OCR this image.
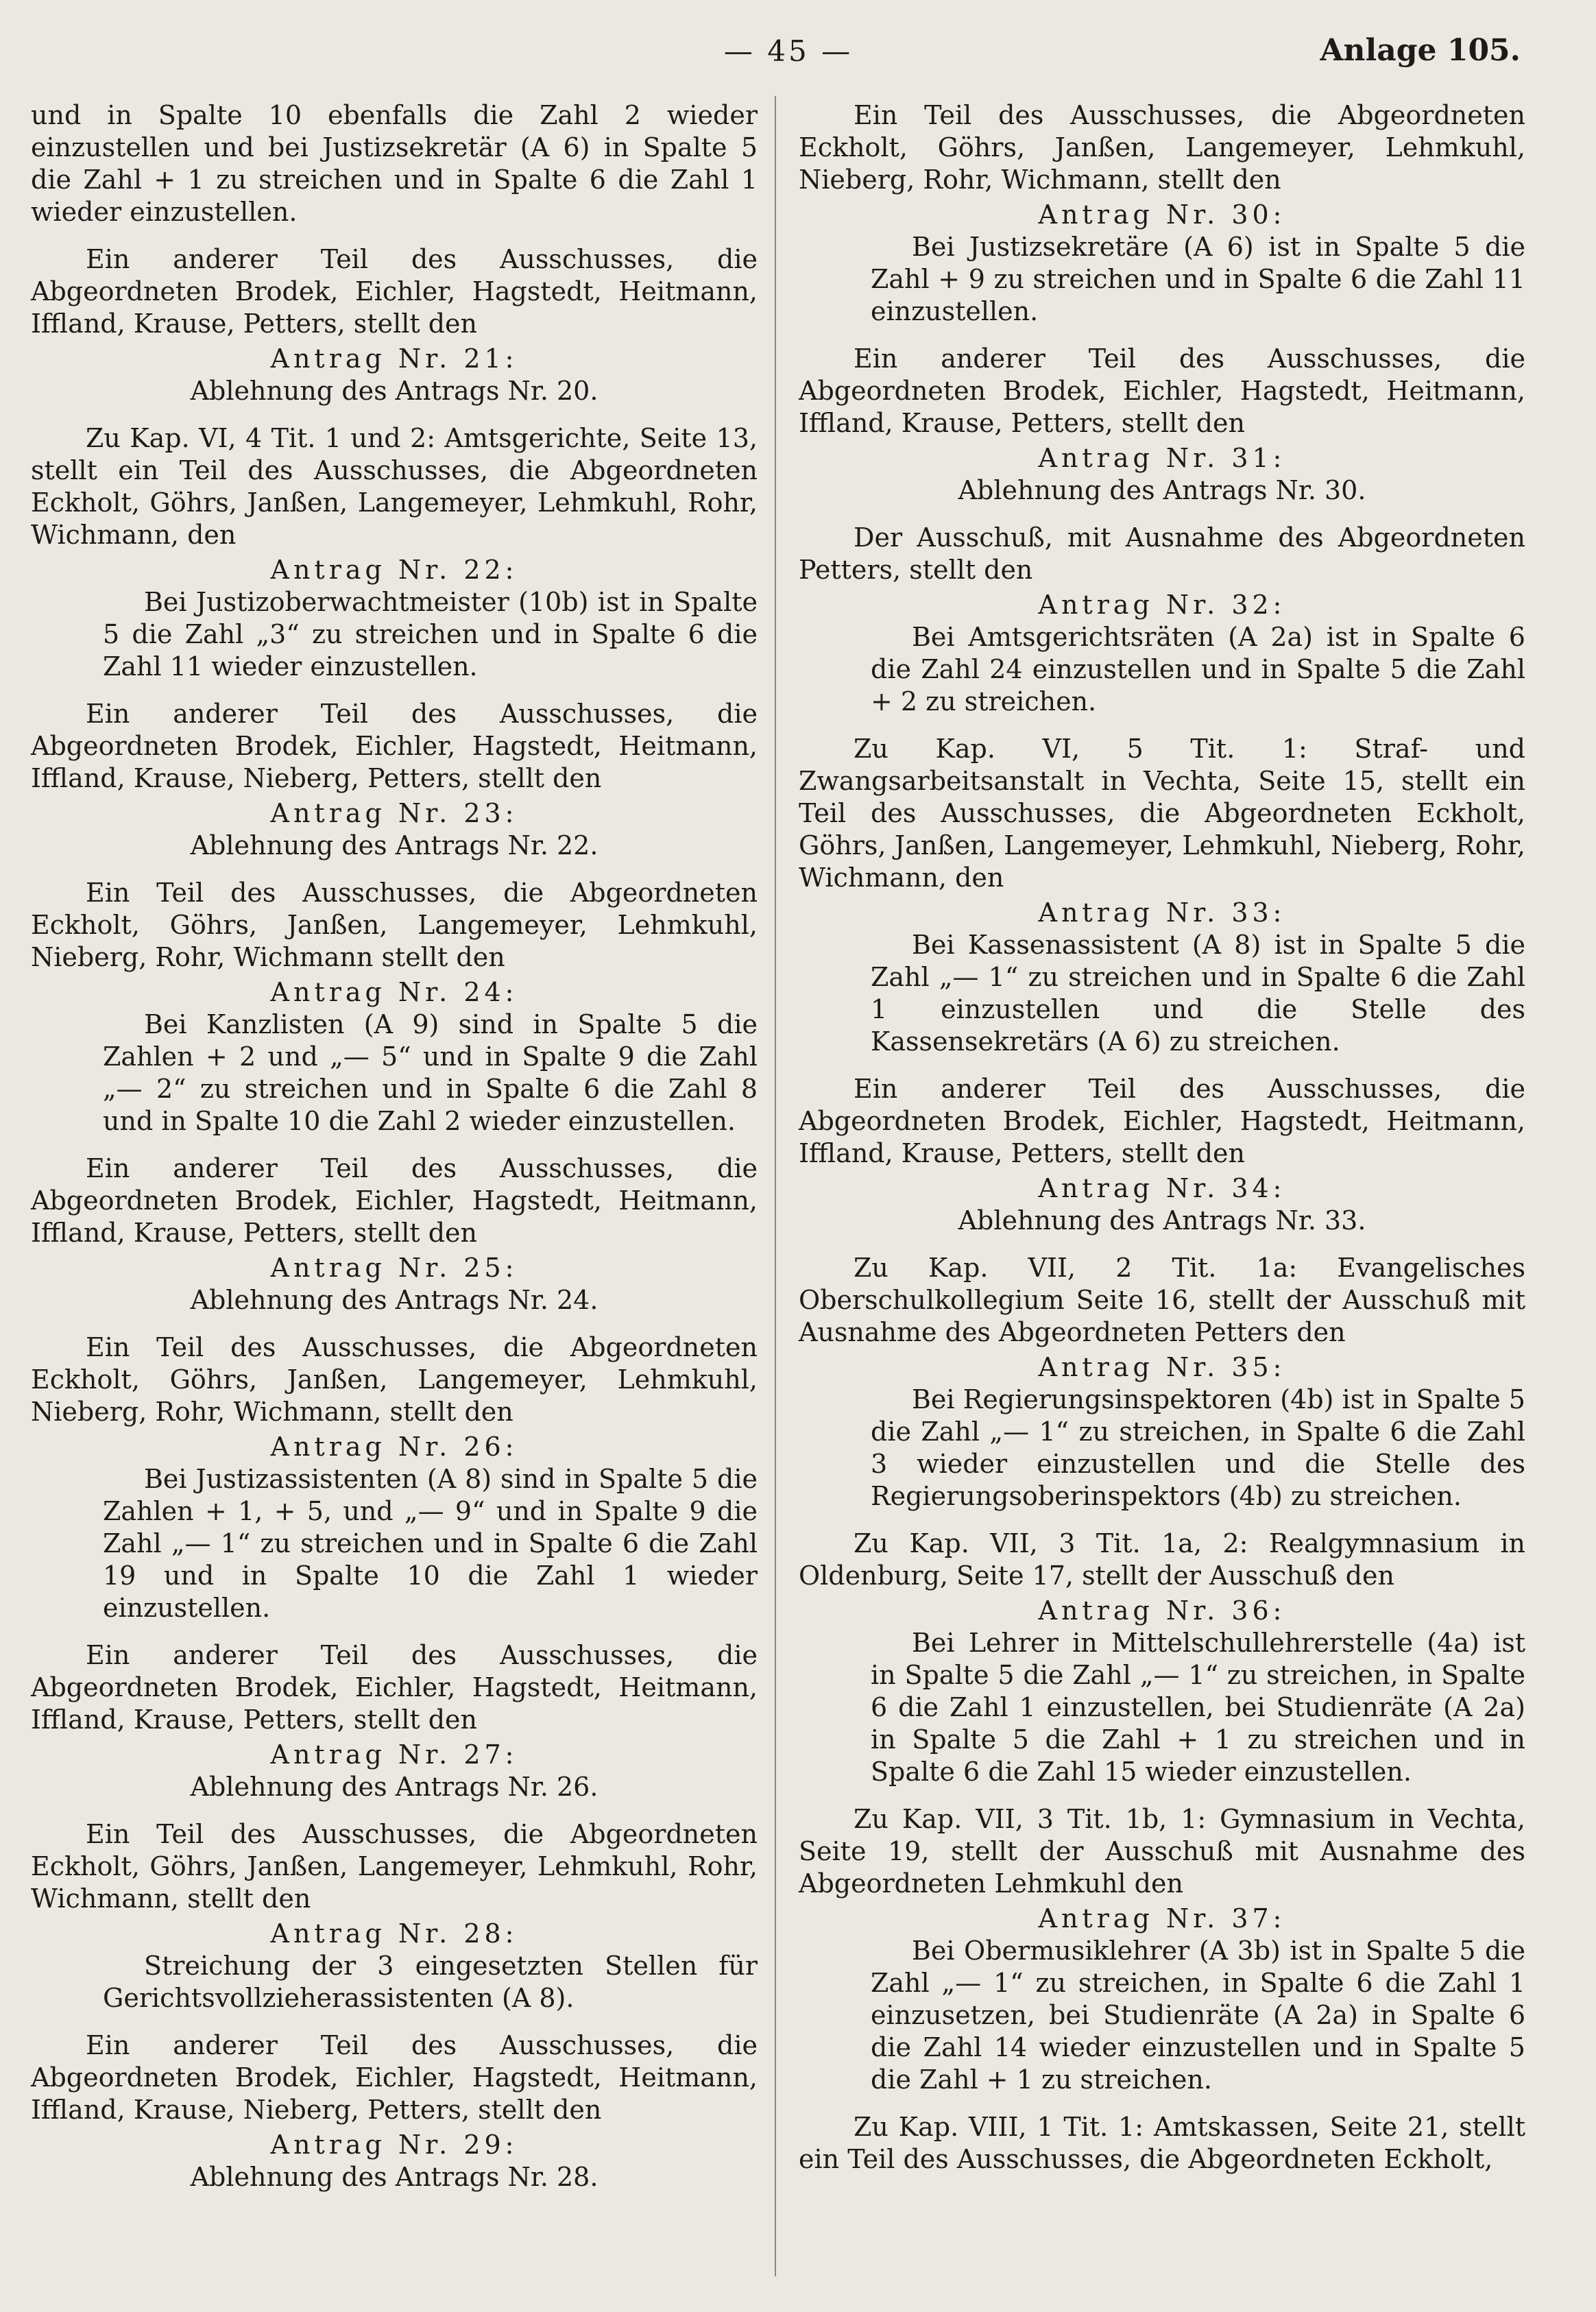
— 45 —	Anlage 105.

und in Spalte 10 ebenfalls die Zahl 2 wieder einzustellen und bei Justizsekretär (A 6) in Spalte 5 die Zahl + 1 zu streichen und in Spalte 6 die Zahl 1 wieder einzustellen.

Ein anderer Teil des Ausschusses, die Abgeordneten Brodek, Eichler, Hagstedt, Heitmann, Iffland, Krause, Petters, stellt den

Antrag Nr. 21:

Ablehnung des Antrags Nr. 20.

Zu Kap. VI, 4 Tit. 1 und 2: Amtsgerichte, Seite 13, stellt ein Teil des Ausschusses, die Abgeordneten Eckholt, Göhrs, Janßen, Langemeyer, Lehmkuhl, Rohr, Wichmann, den

Antrag Nr. 22:

Bei Justizoberwachtmeister (10b) ist in Spalte 5 die Zahl „3“ zu streichen und in Spalte 6 die Zahl 11 wieder einzustellen.

Ein anderer Teil des Ausschusses, die Abgeordneten Brodek, Eichler, Hagstedt, Heitmann, Iffland, Krause, Nieberg, Petters, stellt den

Antrag Nr. 23:

Ablehnung des Antrags Nr. 22.

Ein Teil des Ausschusses, die Abgeordneten Eckholt, Göhrs, Janßen, Langemeyer, Lehmkuhl, Nieberg, Rohr, Wichmann stellt den

Antrag Nr. 24:

Bei Kanzlisten (A 9) sind in Spalte 5 die Zahlen + 2 und „— 5“ und in Spalte 9 die Zahl „— 2“ zu streichen und in Spalte 6 die Zahl 8 und in Spalte 10 die Zahl 2 wieder einzustellen.

Ein anderer Teil des Ausschusses, die Abgeordneten Brodek, Eichler, Hagstedt, Heitmann, Iffland, Krause, Petters, stellt den

Antrag Nr. 25:

Ablehnung des Antrags Nr. 24.

Ein Teil des Ausschusses, die Abgeordneten Eckholt, Göhrs, Janßen, Langemeyer, Lehmkuhl, Nieberg, Rohr, Wichmann, stellt den

Antrag Nr. 26:

Bei Justizassistenten (A 8) sind in Spalte 5 die Zahlen + 1, + 5, und „— 9“ und in Spalte 9 die Zahl „— 1“ zu streichen und in Spalte 6 die Zahl 19 und in Spalte 10 die Zahl 1 wieder einzustellen.

Ein anderer Teil des Ausschusses, die Abgeordneten Brodek, Eichler, Hagstedt, Heitmann, Iffland, Krause, Petters, stellt den

Antrag Nr. 27:

Ablehnung des Antrags Nr. 26.

Ein Teil des Ausschusses, die Abgeordneten Eckholt, Göhrs, Janßen, Langemeyer, Lehmkuhl, Rohr, Wichmann, stellt den

Antrag Nr. 28:

Streichung der 3 eingesetzten Stellen für Gerichtsvollzieherassistenten (A 8).

Ein anderer Teil des Ausschusses, die Abgeordneten Brodek, Eichler, Hagstedt, Heitmann, Iffland, Krause, Nieberg, Petters, stellt den

Antrag Nr. 29:

Ablehnung des Antrags Nr. 28.

Ein Teil des Ausschusses, die Abgeordneten Eckholt, Göhrs, Janßen, Langemeyer, Lehmkuhl, Nieberg, Rohr, Wichmann, stellt den

Antrag Nr. 30:

Bei Justizsekretäre (A 6) ist in Spalte 5 die Zahl + 9 zu streichen und in Spalte 6 die Zahl 11 einzustellen.

Ein anderer Teil des Ausschusses, die Abgeordneten Brodek, Eichler, Hagstedt, Heitmann, Iffland, Krause, Petters, stellt den

Antrag Nr. 31:

Ablehnung des Antrags Nr. 30.

Der Ausschuß, mit Ausnahme des Abgeordneten Petters, stellt den

Antrag Nr. 32:

Bei Amtsgerichtsräten (A 2a) ist in Spalte 6 die Zahl 24 einzustellen und in Spalte 5 die Zahl + 2 zu streichen.

Zu Kap. VI, 5 Tit. 1: Straf- und Zwangsarbeitsanstalt in Vechta, Seite 15, stellt ein Teil des Ausschusses, die Abgeordneten Eckholt, Göhrs, Janßen, Langemeyer, Lehmkuhl, Nieberg, Rohr, Wichmann, den

Antrag Nr. 33:

Bei Kassenassistent (A 8) ist in Spalte 5 die Zahl „— 1“ zu streichen und in Spalte 6 die Zahl 1 einzustellen und die Stelle des Kassensekretärs (A 6) zu streichen.

Ein anderer Teil des Ausschusses, die Abgeordneten Brodek, Eichler, Hagstedt, Heitmann, Iffland, Krause, Petters, stellt den

Antrag Nr. 34:

Ablehnung des Antrags Nr. 33.

Zu Kap. VII, 2 Tit. 1a: Evangelisches Oberschulkollegium Seite 16, stellt der Ausschuß mit Ausnahme des Abgeordneten Petters den

Antrag Nr. 35:

Bei Regierungsinspektoren (4b) ist in Spalte 5 die Zahl „— 1“ zu streichen, in Spalte 6 die Zahl 3 wieder einzustellen und die Stelle des Regierungsoberinspektors (4b) zu streichen.

Zu Kap. VII, 3 Tit. 1a, 2: Realgymnasium in Oldenburg, Seite 17, stellt der Ausschuß den

Antrag Nr. 36:

Bei Lehrer in Mittelschullehrerstelle (4a) ist in Spalte 5 die Zahl „— 1“ zu streichen, in Spalte 6 die Zahl 1 einzustellen, bei Studienräte (A 2a) in Spalte 5 die Zahl + 1 zu streichen und in Spalte 6 die Zahl 15 wieder einzustellen.

Zu Kap. VII, 3 Tit. 1b, 1: Gymnasium in Vechta, Seite 19, stellt der Ausschuß mit Ausnahme des Abgeordneten Lehmkuhl den

Antrag Nr. 37:

Bei Obermusiklehrer (A 3b) ist in Spalte 5 die Zahl „— 1“ zu streichen, in Spalte 6 die Zahl 1 einzusetzen, bei Studienräte (A 2a) in Spalte 6 die Zahl 14 wieder einzustellen und in Spalte 5 die Zahl + 1 zu streichen.

Zu Kap. VIII, 1 Tit. 1: Amtskassen, Seite 21, stellt ein Teil des Ausschusses, die Abgeordneten Eckholt,
